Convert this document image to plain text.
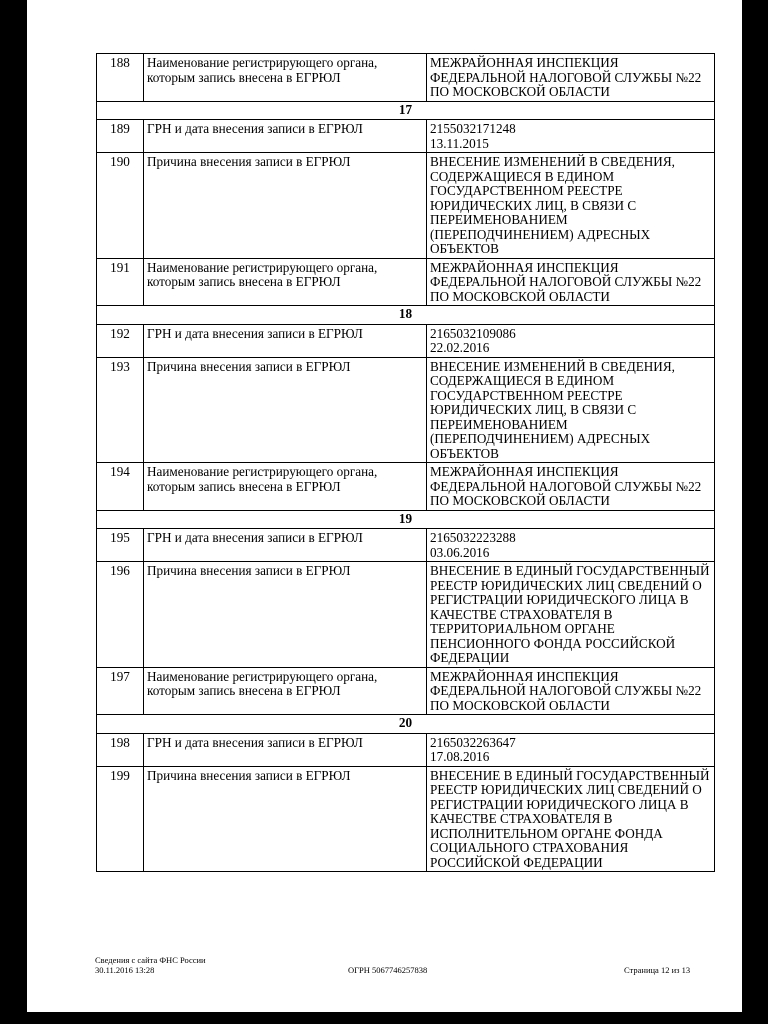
188	Наименование регистрирующего органа, которым запись внесена в ЕГРЮЛ	МЕЖРАЙОННАЯ ИНСПЕКЦИЯ ФЕДЕРАЛЬНОЙ НАЛОГОВОЙ СЛУЖБЫ №22 ПО МОСКОВСКОЙ ОБЛАСТИ

17		
189	ГРН и дата внесения записи в ЕГРЮЛ	2155032171248
13.11.2015

190	Причина внесения записи в ЕГРЮЛ	ВНЕСЕНИЕ ИЗМЕНЕНИЙ В СВЕДЕНИЯ, СОДЕРЖАЩИЕСЯ В ЕДИНОМ ГОСУДАРСТВЕННОМ РЕЕСТРЕ ЮРИДИЧЕСКИХ ЛИЦ, В СВЯЗИ С ПЕРЕИМЕНОВАНИЕМ (ПЕРЕПОДЧИНЕНИЕМ) АДРЕСНЫХ ОБЪЕКТОВ

191	Наименование регистрирующего органа, которым запись внесена в ЕГРЮЛ	МЕЖРАЙОННАЯ ИНСПЕКЦИЯ ФЕДЕРАЛЬНОЙ НАЛОГОВОЙ СЛУЖБЫ №22 ПО МОСКОВСКОЙ ОБЛАСТИ

18		
192	ГРН и дата внесения записи в ЕГРЮЛ	2165032109086
22.02.2016

193	Причина внесения записи в ЕГРЮЛ	ВНЕСЕНИЕ ИЗМЕНЕНИЙ В СВЕДЕНИЯ, СОДЕРЖАЩИЕСЯ В ЕДИНОМ ГОСУДАРСТВЕННОМ РЕЕСТРЕ ЮРИДИЧЕСКИХ ЛИЦ, В СВЯЗИ С ПЕРЕИМЕНОВАНИЕМ (ПЕРЕПОДЧИНЕНИЕМ) АДРЕСНЫХ ОБЪЕКТОВ

194	Наименование регистрирующего органа, которым запись внесена в ЕГРЮЛ	МЕЖРАЙОННАЯ ИНСПЕКЦИЯ ФЕДЕРАЛЬНОЙ НАЛОГОВОЙ СЛУЖБЫ №22 ПО МОСКОВСКОЙ ОБЛАСТИ

19		
195	ГРН и дата внесения записи в ЕГРЮЛ	2165032223288
03.06.2016

196	Причина внесения записи в ЕГРЮЛ	ВНЕСЕНИЕ В ЕДИНЫЙ ГОСУДАРСТВЕННЫЙ РЕЕСТР ЮРИДИЧЕСКИХ ЛИЦ СВЕДЕНИЙ О РЕГИСТРАЦИИ ЮРИДИЧЕСКОГО ЛИЦА В КАЧЕСТВЕ СТРАХОВАТЕЛЯ В ТЕРРИТОРИАЛЬНОМ ОРГАНЕ ПЕНСИОННОГО ФОНДА РОССИЙСКОЙ ФЕДЕРАЦИИ

197	Наименование регистрирующего органа, которым запись внесена в ЕГРЮЛ	МЕЖРАЙОННАЯ ИНСПЕКЦИЯ ФЕДЕРАЛЬНОЙ НАЛОГОВОЙ СЛУЖБЫ №22 ПО МОСКОВСКОЙ ОБЛАСТИ

20		
198	ГРН и дата внесения записи в ЕГРЮЛ	2165032263647
17.08.2016

199	Причина внесения записи в ЕГРЮЛ	ВНЕСЕНИЕ В ЕДИНЫЙ ГОСУДАРСТВЕННЫЙ РЕЕСТР ЮРИДИЧЕСКИХ ЛИЦ СВЕДЕНИЙ О РЕГИСТРАЦИИ ЮРИДИЧЕСКОГО ЛИЦА В КАЧЕСТВЕ СТРАХОВАТЕЛЯ В ИСПОЛНИТЕЛЬНОМ ОРГАНЕ ФОНДА СОЦИАЛЬНОГО СТРАХОВАНИЯ РОССИЙСКОЙ ФЕДЕРАЦИИ
Сведения с сайта ФНС России
30.11.2016 13:28	ОГРН 5067746257838	Страница 12 из 13
